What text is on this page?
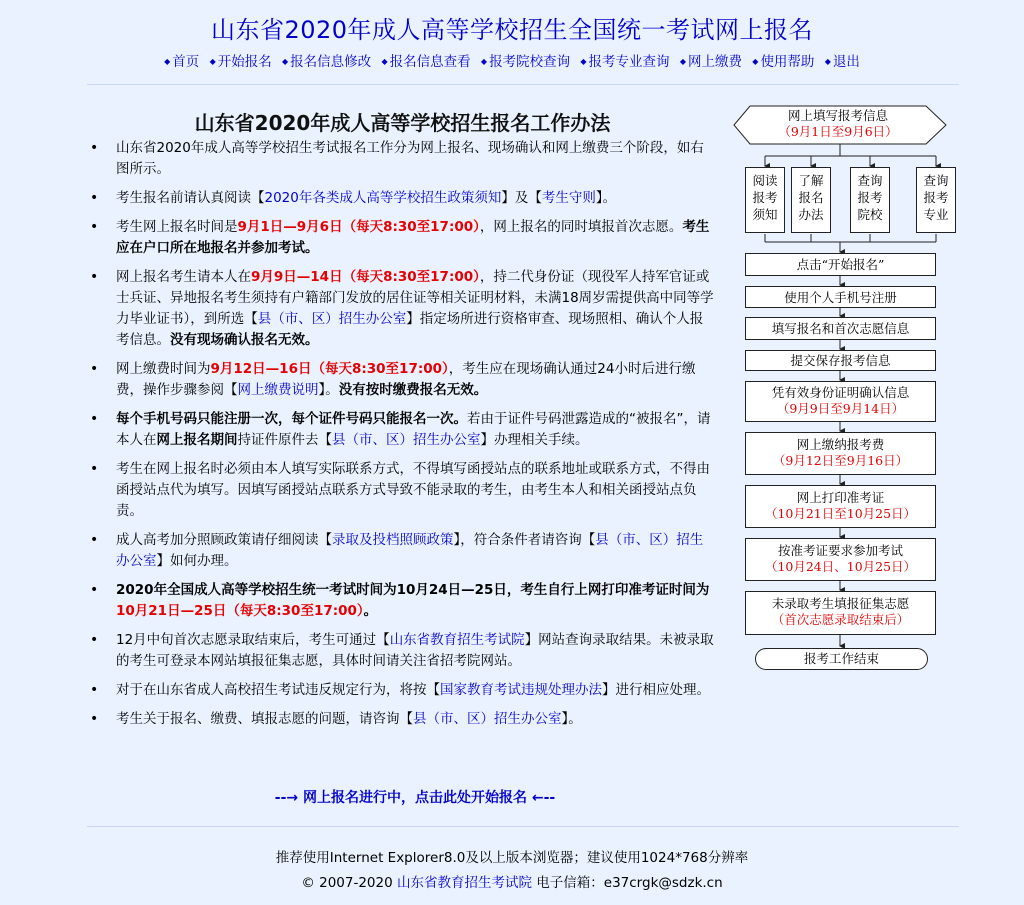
山东省2020年成人高等学校招生全国统一考试网上报名
◆ 首页 ◆ 开始报名 ◆ 报名信息修改 ◆ 报名信息查看 ◆ 报考院校查询 ◆ 报考专业查询 ◆ 网上缴费 ◆ 使用帮助 ◆ 退出
山东省2020年成人高等学校招生报名工作办法
• 山东省2020年成人高等学校招生考试报名工作分为网上报名、现场确认和网上缴费三个阶段，如右图所示。
• 考生报名前请认真阅读【2020年各类成人高等学校招生政策须知】及【考生守则】。
• 考生网上报名时间是9月1日—9月6日（每天8:30至17:00），网上报名的同时填报首次志愿。考生应在户口所在地报名并参加考试。
• 网上报名考生请本人在9月9日—14日（每天8:30至17:00），持二代身份证（现役军人持军官证或士兵证、异地报名考生须持有户籍部门发放的居住证等相关证明材料，未满18周岁需提供高中同等学力毕业证书），到所选【县（市、区）招生办公室】指定场所进行资格审查、现场照相、确认个人报考信息。没有现场确认报名无效。
• 网上缴费时间为9月12日—16日（每天8:30至17:00），考生应在现场确认通过24小时后进行缴费，操作步骤参阅【网上缴费说明】。没有按时缴费报名无效。
• 每个手机号码只能注册一次，每个证件号码只能报名一次。若由于证件号码泄露造成的“被报名”，请本人在网上报名期间持证件原件去【县（市、区）招生办公室】办理相关手续。
• 考生在网上报名时必须由本人填写实际联系方式，不得填写函授站点的联系地址或联系方式，不得由函授站点代为填写。因填写函授站点联系方式导致不能录取的考生，由考生本人和相关函授站点负责。
• 成人高考加分照顾政策请仔细阅读【录取及投档照顾政策】，符合条件者请咨询【县（市、区）招生办公室】如何办理。
• 2020年全国成人高等学校招生统一考试时间为10月24日—25日，考生自行上网打印准考证时间为10月21日—25日（每天8:30至17:00）。
• 12月中旬首次志愿录取结束后，考生可通过【山东省教育招生考试院】网站查询录取结果。未被录取的考生可登录本网站填报征集志愿，具体时间请关注省招考院网站。
• 对于在山东省成人高校招生考试违反规定行为，将按【国家教育考试违规处理办法】进行相应处理。
• 考生关于报名、缴费、填报志愿的问题，请咨询【县（市、区）招生办公室】。
--→ 网上报名进行中，点击此处开始报名 ←--
网上填写报考信息
（9月1日至9月6日）
阅读报考须知
了解报名办法
查询报考院校
查询报考专业
点击“开始报名”
使用个人手机号注册
填写报名和首次志愿信息
提交保存报考信息
凭有效身份证明确认信息
（9月9日至9月14日）
网上缴纳报考费
（9月12日至9月16日）
网上打印准考证
（10月21日至10月25日）
按准考证要求参加考试
（10月24日、10月25日）
未录取考生填报征集志愿
（首次志愿录取结束后）
报考工作结束
推荐使用Internet Explorer8.0及以上版本浏览器；建议使用1024*768分辨率
© 2007-2020 山东省教育招生考试院 电子信箱：e37crgk@sdzk.cn
